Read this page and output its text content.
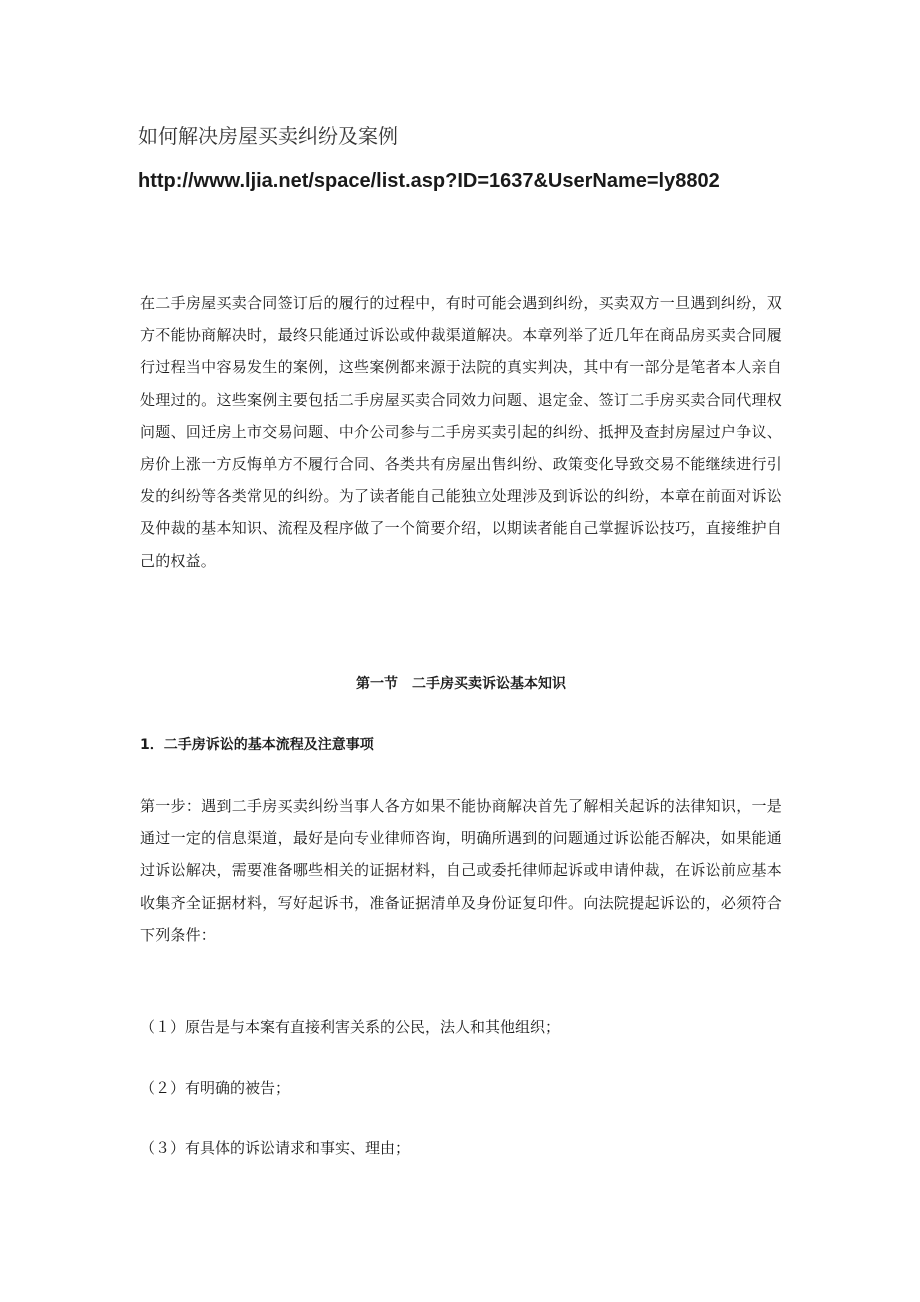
如何解决房屋买卖纠纷及案例
http://www.ljia.net/space/list.asp?ID=1637&UserName=ly8802

在二手房屋买卖合同签订后的履行的过程中，有时可能会遇到纠纷，买卖双方一旦遇到纠纷，双方不能协商解决时，最终只能通过诉讼或仲裁渠道解决。本章列举了近几年在商品房买卖合同履行过程当中容易发生的案例，这些案例都来源于法院的真实判决，其中有一部分是笔者本人亲自处理过的。这些案例主要包括二手房屋买卖合同效力问题、退定金、签订二手房买卖合同代理权问题、回迁房上市交易问题、中介公司参与二手房买卖引起的纠纷、抵押及查封房屋过户争议、房价上涨一方反悔单方不履行合同、各类共有房屋出售纠纷、政策变化导致交易不能继续进行引发的纠纷等各类常见的纠纷。为了读者能自己能独立处理涉及到诉讼的纠纷，本章在前面对诉讼及仲裁的基本知识、流程及程序做了一个简要介绍，以期读者能自己掌握诉讼技巧，直接维护自己的权益。

第一节　二手房买卖诉讼基本知识
1．二手房诉讼的基本流程及注意事项

第一步：遇到二手房买卖纠纷当事人各方如果不能协商解决首先了解相关起诉的法律知识，一是通过一定的信息渠道，最好是向专业律师咨询，明确所遇到的问题通过诉讼能否解决，如果能通过诉讼解决，需要准备哪些相关的证据材料，自己或委托律师起诉或申请仲裁，在诉讼前应基本收集齐全证据材料，写好起诉书，准备证据清单及身份证复印件。向法院提起诉讼的，必须符合下列条件：

（１）原告是与本案有直接利害关系的公民，法人和其他组织；
（２）有明确的被告；
（３）有具体的诉讼请求和事实、理由；
